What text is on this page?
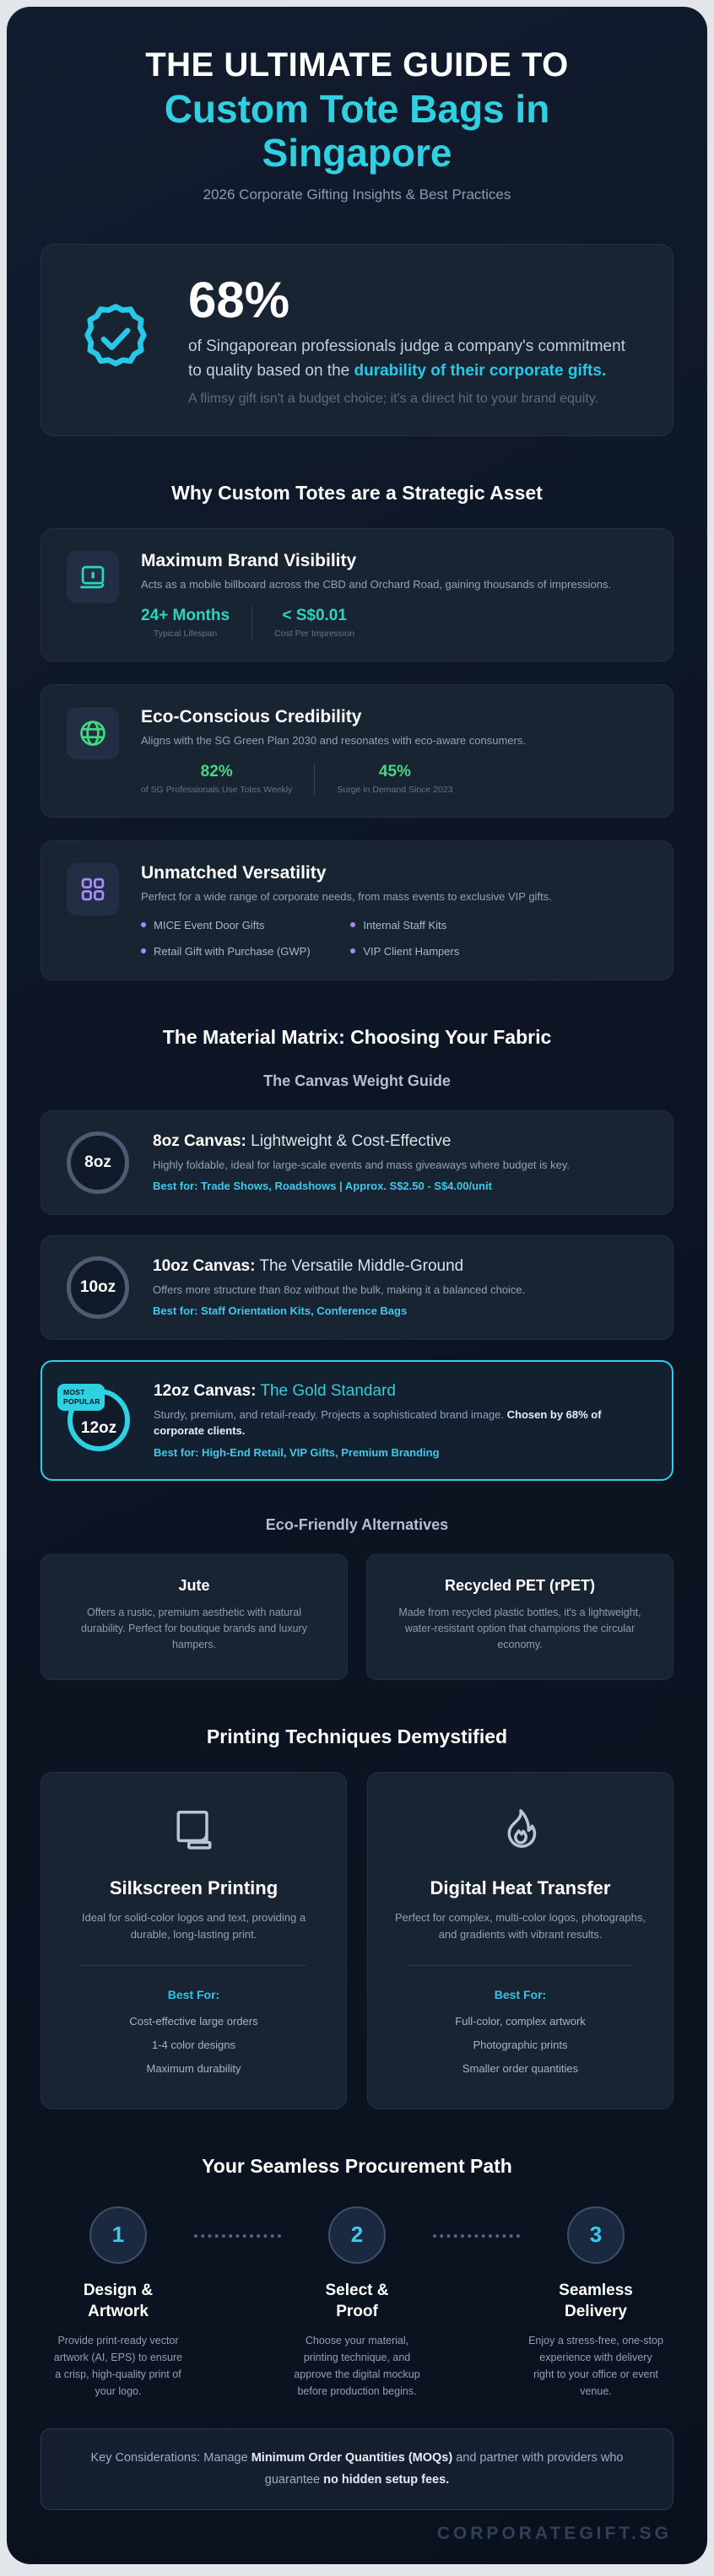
THE ULTIMATE GUIDE TO
Custom Tote Bags in Singapore
2026 Corporate Gifting Insights & Best Practices
68%
of Singaporean professionals judge a company's commitment to quality based on the durability of their corporate gifts.
A flimsy gift isn't a budget choice; it's a direct hit to your brand equity.
Why Custom Totes are a Strategic Asset
Maximum Brand Visibility
Acts as a mobile billboard across the CBD and Orchard Road, gaining thousands of impressions.
24+ Months
Typical Lifespan
< S$0.01
Cost Per Impression
Eco-Conscious Credibility
Aligns with the SG Green Plan 2030 and resonates with eco-aware consumers.
82%
of SG Professionals Use Totes Weekly
45%
Surge in Demand Since 2023
Unmatched Versatility
Perfect for a wide range of corporate needs, from mass events to exclusive VIP gifts.
MICE Event Door Gifts	Internal Staff Kits
Retail Gift with Purchase (GWP)	VIP Client Hampers
The Material Matrix: Choosing Your Fabric
The Canvas Weight Guide
8oz
8oz Canvas: Lightweight & Cost-Effective
Highly foldable, ideal for large-scale events and mass giveaways where budget is key.
Best for: Trade Shows, Roadshows | Approx. S$2.50 - S$4.00/unit
10oz
10oz Canvas: The Versatile Middle-Ground
Offers more structure than 8oz without the bulk, making it a balanced choice.
Best for: Staff Orientation Kits, Conference Bags
MOST POPULAR
12oz
12oz Canvas: The Gold Standard
Sturdy, premium, and retail-ready. Projects a sophisticated brand image. Chosen by 68% of corporate clients.
Best for: High-End Retail, VIP Gifts, Premium Branding
Eco-Friendly Alternatives
Jute
Offers a rustic, premium aesthetic with natural durability. Perfect for boutique brands and luxury hampers.
Recycled PET (rPET)
Made from recycled plastic bottles, it's a lightweight, water-resistant option that champions the circular economy.
Printing Techniques Demystified
Silkscreen Printing
Ideal for solid-color logos and text, providing a durable, long-lasting print.
Best For:
Cost-effective large orders
1-4 color designs
Maximum durability
Digital Heat Transfer
Perfect for complex, multi-color logos, photographs, and gradients with vibrant results.
Best For:
Full-color, complex artwork
Photographic prints
Smaller order quantities
Your Seamless Procurement Path
1
Design & Artwork
Provide print-ready vector artwork (AI, EPS) to ensure a crisp, high-quality print of your logo.
2
Select & Proof
Choose your material, printing technique, and approve the digital mockup before production begins.
3
Seamless Delivery
Enjoy a stress-free, one-stop experience with delivery right to your office or event venue.
Key Considerations: Manage Minimum Order Quantities (MOQs) and partner with providers who guarantee no hidden setup fees.
CORPORATEGIFT.SG
